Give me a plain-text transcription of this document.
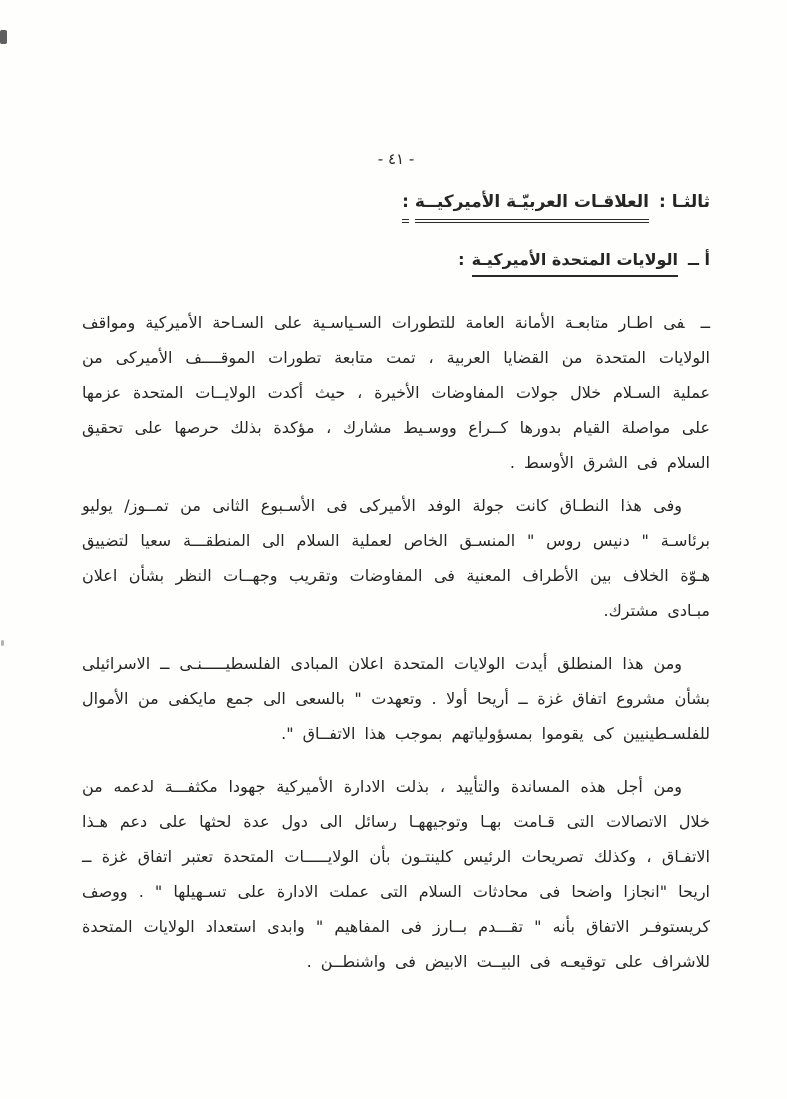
- ٤١ -
ثالثـا :العلاقـات العربيّـة الأميركيــة:
أ ــالولايات المتحدة الأميركيـة:
ــفى اطـار متابعـة الأمانة العامة للتطورات السـياسـية على السـاحة الأميركية ومواقف الولايات المتحدة من القضايا العربية ، تمت متابعة تطورات الموقــــف الأميركى من عملية السـلام خلال جولات المفاوضات الأخيرة ، حيث أكدت الولايــات المتحدة عزمها على مواصلة القيام بدورها كــراع ووسـيط مشارك ، مؤكدة بذلك حرصها على تحقيق السلام فى الشرق الأوسط .
وفى هذا النطـاق كانت جولة الوفد الأميركى فى الأسـبوع الثانى من تمــوز/ يوليو برئاسـة " دنيس روس " المنسـق الخاص لعملية السلام الى المنطقـــة سعيا لتضييق هـوّة الخلاف بين الأطراف المعنية فى المفاوضات وتقريب وجهــات النظر بشأن اعلان مبـادى مشترك.
ومن هذا المنطلق أيدت الولايات المتحدة اعلان المبادى الفلسطيـــــنـى ــ الاسرائيلى بشأن مشروع اتفاق غزة ــ أريحا أولا . وتعهدت " بالسعى الى جمع مايكفى من الأموال للفلسـطينيين كى يقوموا بمسؤولياتهم بموجب هذا الاتفــاق ".
ومن أجل هذه المساندة والتأييد ، بذلت الادارة الأميركية جهودا مكثفـــة لدعمه من خلال الاتصالات التى قـامت بهـا وتوجيههـا رسائل الى دول عدة لحثها على دعم هـذا الاتفـاق ، وكذلك تصريحات الرئيس كلينتـون بأن الولايـــــات المتحدة تعتبر اتفاق غزة ــ اريحا "انجازا واضحا فى محادثات السلام التى عملت الادارة على تسـهيلها " . ووصف كريستوفـر الاتفاق بأنه " تقـــدم بــارز فى المفاهيم " وابدى استعداد الولايات المتحدة للاشراف على توقيعـه فى البيــت الابيض فى واشنطــن .
